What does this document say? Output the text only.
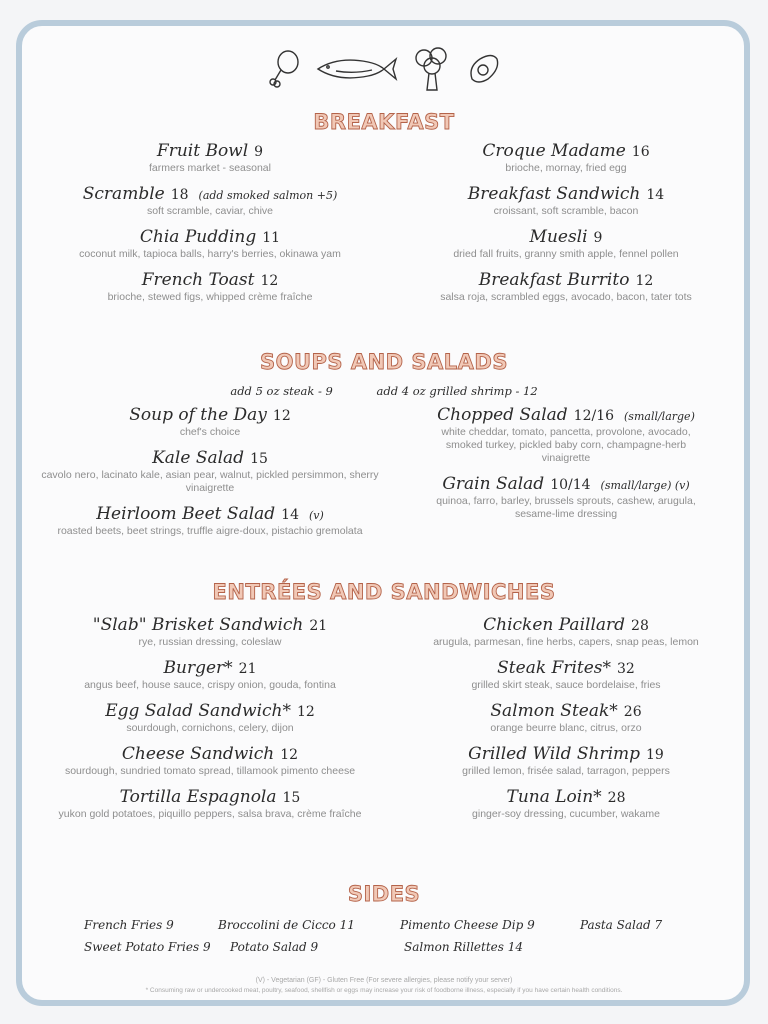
BREAKFAST
Fruit Bowl 9
farmers market - seasonal
Scramble 18 (add smoked salmon +5)
soft scramble, caviar, chive
Chia Pudding 11
coconut milk, tapioca balls, harry's berries, okinawa yam
French Toast 12
brioche, stewed figs, whipped crème fraîche
Croque Madame 16
brioche, mornay, fried egg
Breakfast Sandwich 14
croissant, soft scramble, bacon
Muesli 9
dried fall fruits, granny smith apple, fennel pollen
Breakfast Burrito 12
salsa roja, scrambled eggs, avocado, bacon, tater tots
SOUPS AND SALADS
add 5 oz steak - 9	add 4 oz grilled shrimp - 12
Soup of the Day 12
chef's choice
Kale Salad 15
cavolo nero, lacinato kale, asian pear, walnut, pickled persimmon, sherry vinaigrette
Heirloom Beet Salad 14 (v)
roasted beets, beet strings, truffle aigre-doux, pistachio gremolata
Chopped Salad 12/16 (small/large)
white cheddar, tomato, pancetta, provolone, avocado, smoked turkey, pickled baby corn, champagne-herb vinaigrette
Grain Salad 10/14 (small/large) (v)
quinoa, farro, barley, brussels sprouts, cashew, arugula, sesame-lime dressing
ENTRÉES AND SANDWICHES
"Slab" Brisket Sandwich 21
rye, russian dressing, coleslaw
Burger* 21
angus beef, house sauce, crispy onion, gouda, fontina
Egg Salad Sandwich* 12
sourdough, cornichons, celery, dijon
Cheese Sandwich 12
sourdough, sundried tomato spread, tillamook pimento cheese
Tortilla Espagnola 15
yukon gold potatoes, piquillo peppers, salsa brava, crème fraîche
Chicken Paillard 28
arugula, parmesan, fine herbs, capers, snap peas, lemon
Steak Frites* 32
grilled skirt steak, sauce bordelaise, fries
Salmon Steak* 26
orange beurre blanc, citrus, orzo
Grilled Wild Shrimp 19
grilled lemon, frisée salad, tarragon, peppers
Tuna Loin* 28
ginger-soy dressing, cucumber, wakame
SIDES
French Fries 9	Broccolini de Cicco 11	Pimento Cheese Dip 9	Pasta Salad 7
Sweet Potato Fries 9 Potato Salad 9	Salmon Rillettes 14
(V) - Vegetarian (GF) - Gluten Free (For severe allergies, please notify your server)
* Consuming raw or undercooked meat, poultry, seafood, shellfish or eggs may increase your risk of foodborne illness, especially if you have certain health conditions.
